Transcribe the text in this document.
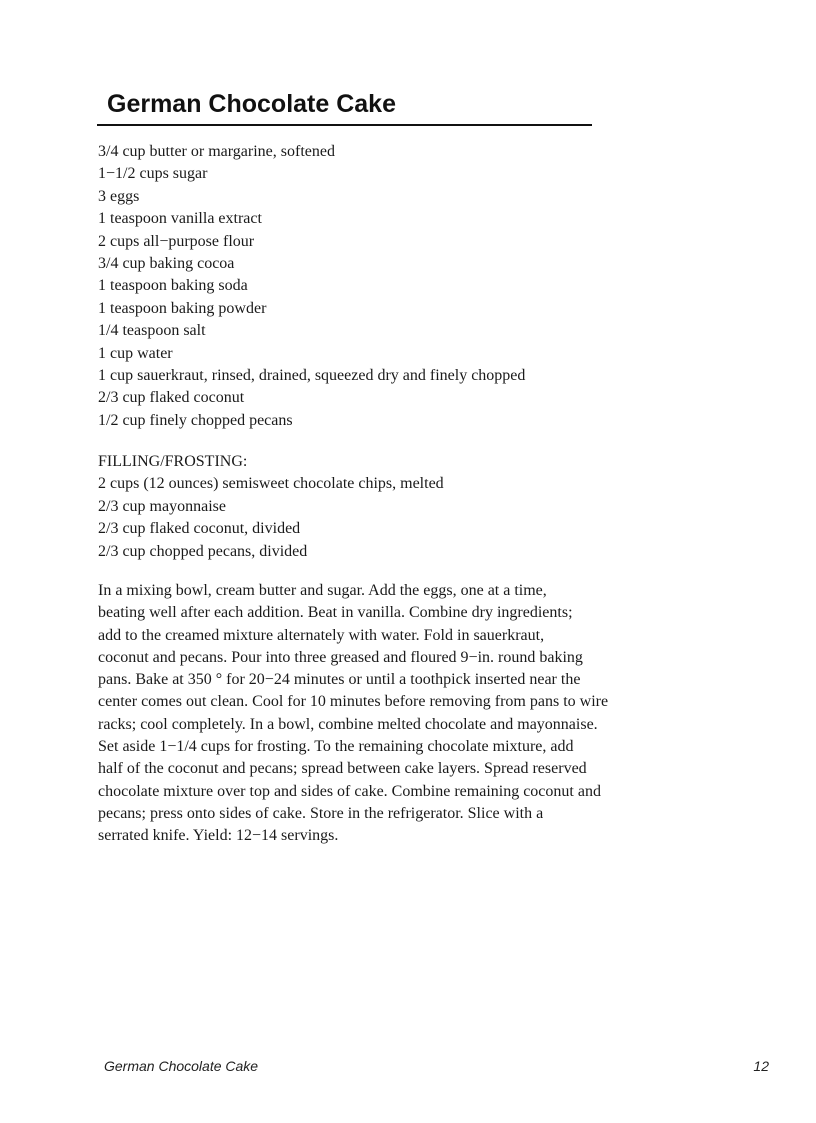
German Chocolate Cake
3/4 cup butter or margarine, softened
1−1/2 cups sugar
3 eggs
1 teaspoon vanilla extract
2 cups all−purpose flour
3/4 cup baking cocoa
1 teaspoon baking soda
1 teaspoon baking powder
1/4 teaspoon salt
1 cup water
1 cup sauerkraut, rinsed, drained, squeezed dry and finely chopped
2/3 cup flaked coconut
1/2 cup finely chopped pecans
FILLING/FROSTING:
2 cups (12 ounces) semisweet chocolate chips, melted
2/3 cup mayonnaise
2/3 cup flaked coconut, divided
2/3 cup chopped pecans, divided
In a mixing bowl, cream butter and sugar. Add the eggs, one at a time,
beating well after each addition. Beat in vanilla. Combine dry ingredients;
add to the creamed mixture alternately with water. Fold in sauerkraut,
coconut and pecans. Pour into three greased and floured 9−in. round baking
pans. Bake at 350 ° for 20−24 minutes or until a toothpick inserted near the
center comes out clean. Cool for 10 minutes before removing from pans to wire
racks; cool completely. In a bowl, combine melted chocolate and mayonnaise.
Set aside 1−1/4 cups for frosting. To the remaining chocolate mixture, add
half of the coconut and pecans; spread between cake layers. Spread reserved
chocolate mixture over top and sides of cake. Combine remaining coconut and
pecans; press onto sides of cake. Store in the refrigerator. Slice with a
serrated knife. Yield: 12−14 servings.

German Chocolate Cake	12
